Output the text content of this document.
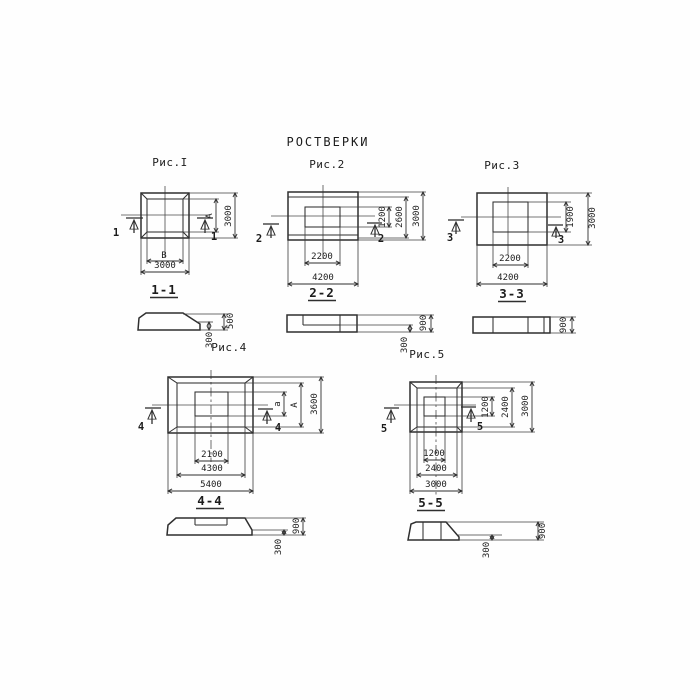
РОСТВЕРКИ
Рис.I
В
3000
А 3000
1	1
1-1
500
300
Рис.2
2200
4200
1200 2600 3000
2	2
2-2
900
300
Рис.3
2200
4200
1900 3000
3	3
3-3
900
Рис.4
2100
4300
5400
а А 3600
4	4
4-4
900
300
Рис.5
1200
2400
3000
1200 2400 3000
5	5
5-5
900
300
